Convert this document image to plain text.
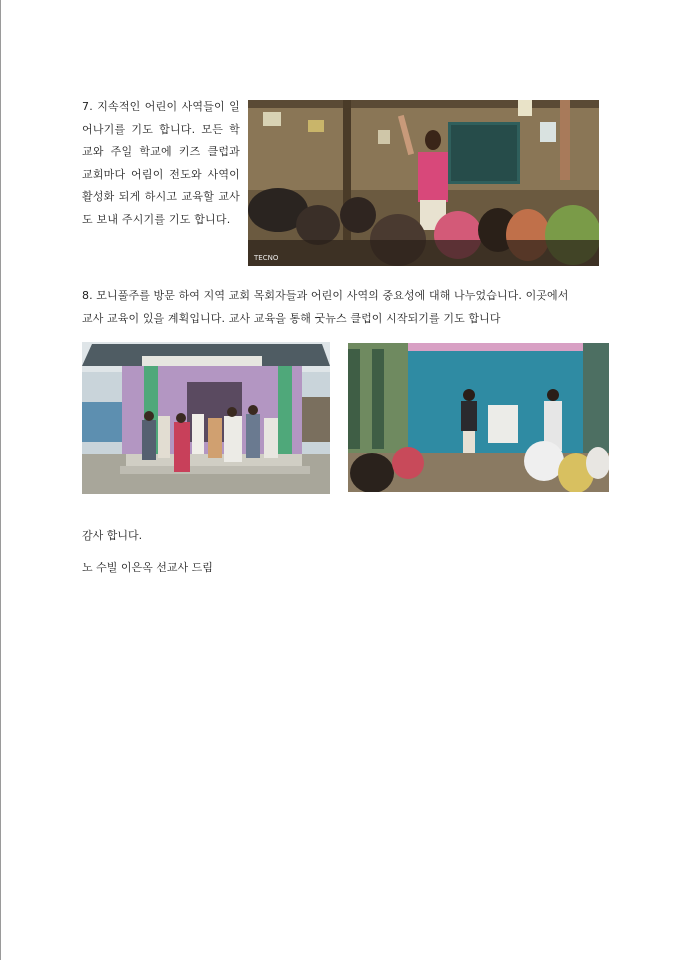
7. 지속적인 어린이 사역들이 일어나기를 기도 합니다. 모든 학교와 주일 학교에 키즈 클럽과 교회마다 어림이 전도와 사역이 활성화 되게 하시고 교육할 교사도 보내 주시기를 기도 합니다.

TECNO

8. 모니풀주를 방문 하여 지역 교회 목회자들과 어린이 사역의 중요성에 대해 나누었습니다. 이곳에서 교사 교육이 있을 계획입니다. 교사 교육을 통해 굿뉴스 클럽이 시작되기를 기도 합니다

감사 합니다.
노 수빌 이은옥 선교사 드림
